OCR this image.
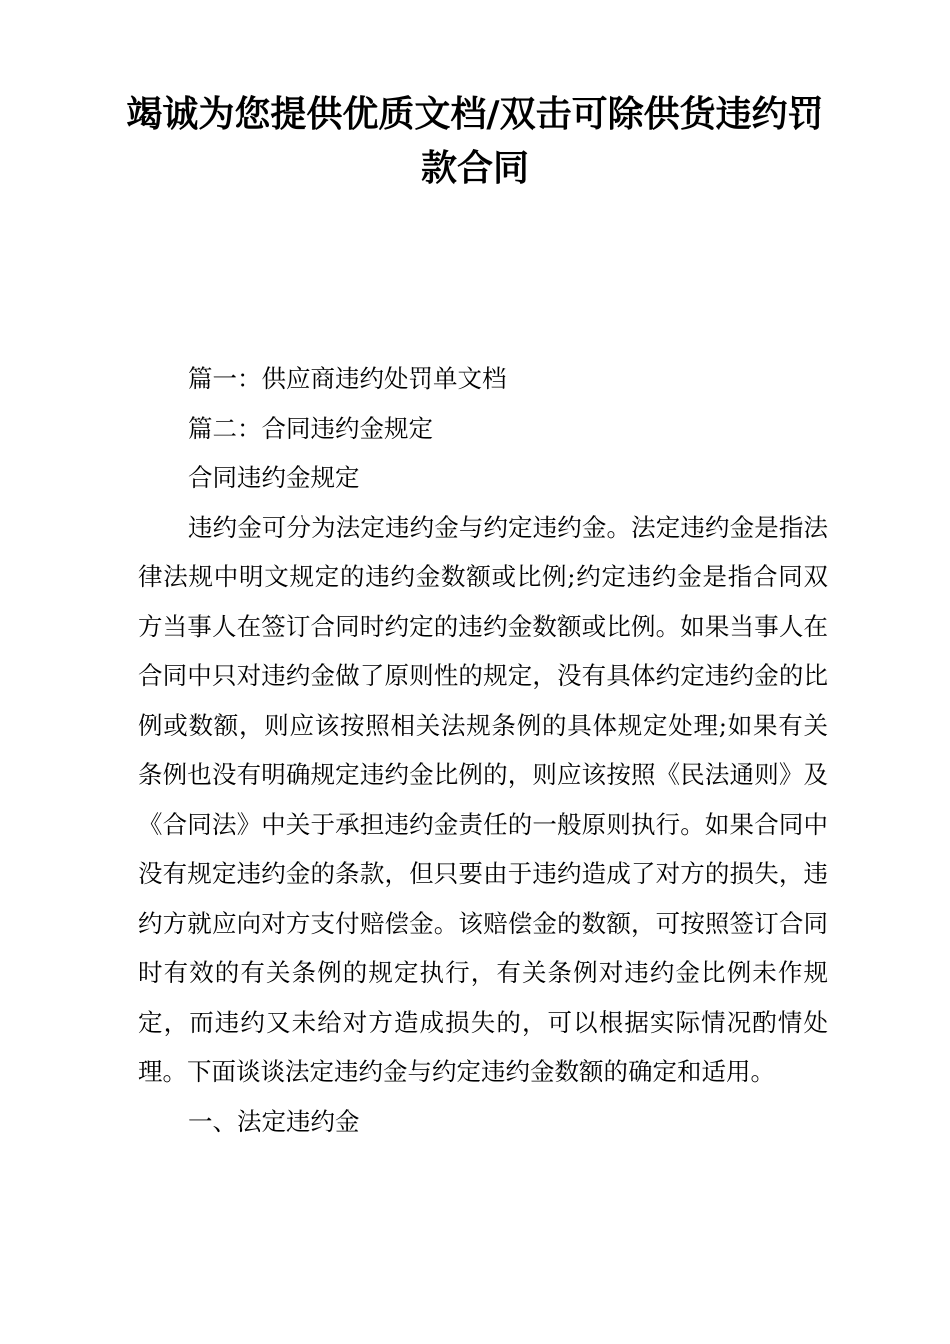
竭诚为您提供优质文档/双击可除供货违约罚款合同

篇一：供应商违约处罚单文档

篇二：合同违约金规定

合同违约金规定

违约金可分为法定违约金与约定违约金。法定违约金是指法律法规中明文规定的违约金数额或比例;约定违约金是指合同双方当事人在签订合同时约定的违约金数额或比例。如果当事人在合同中只对违约金做了原则性的规定，没有具体约定违约金的比例或数额，则应该按照相关法规条例的具体规定处理;如果有关条例也没有明确规定违约金比例的，则应该按照《民法通则》及《合同法》中关于承担违约金责任的一般原则执行。如果合同中没有规定违约金的条款，但只要由于违约造成了对方的损失，违约方就应向对方支付赔偿金。该赔偿金的数额，可按照签订合同时有效的有关条例的规定执行，有关条例对违约金比例未作规定，而违约又未给对方造成损失的，可以根据实际情况酌情处理。下面谈谈法定违约金与约定违约金数额的确定和适用。

一、法定违约金
